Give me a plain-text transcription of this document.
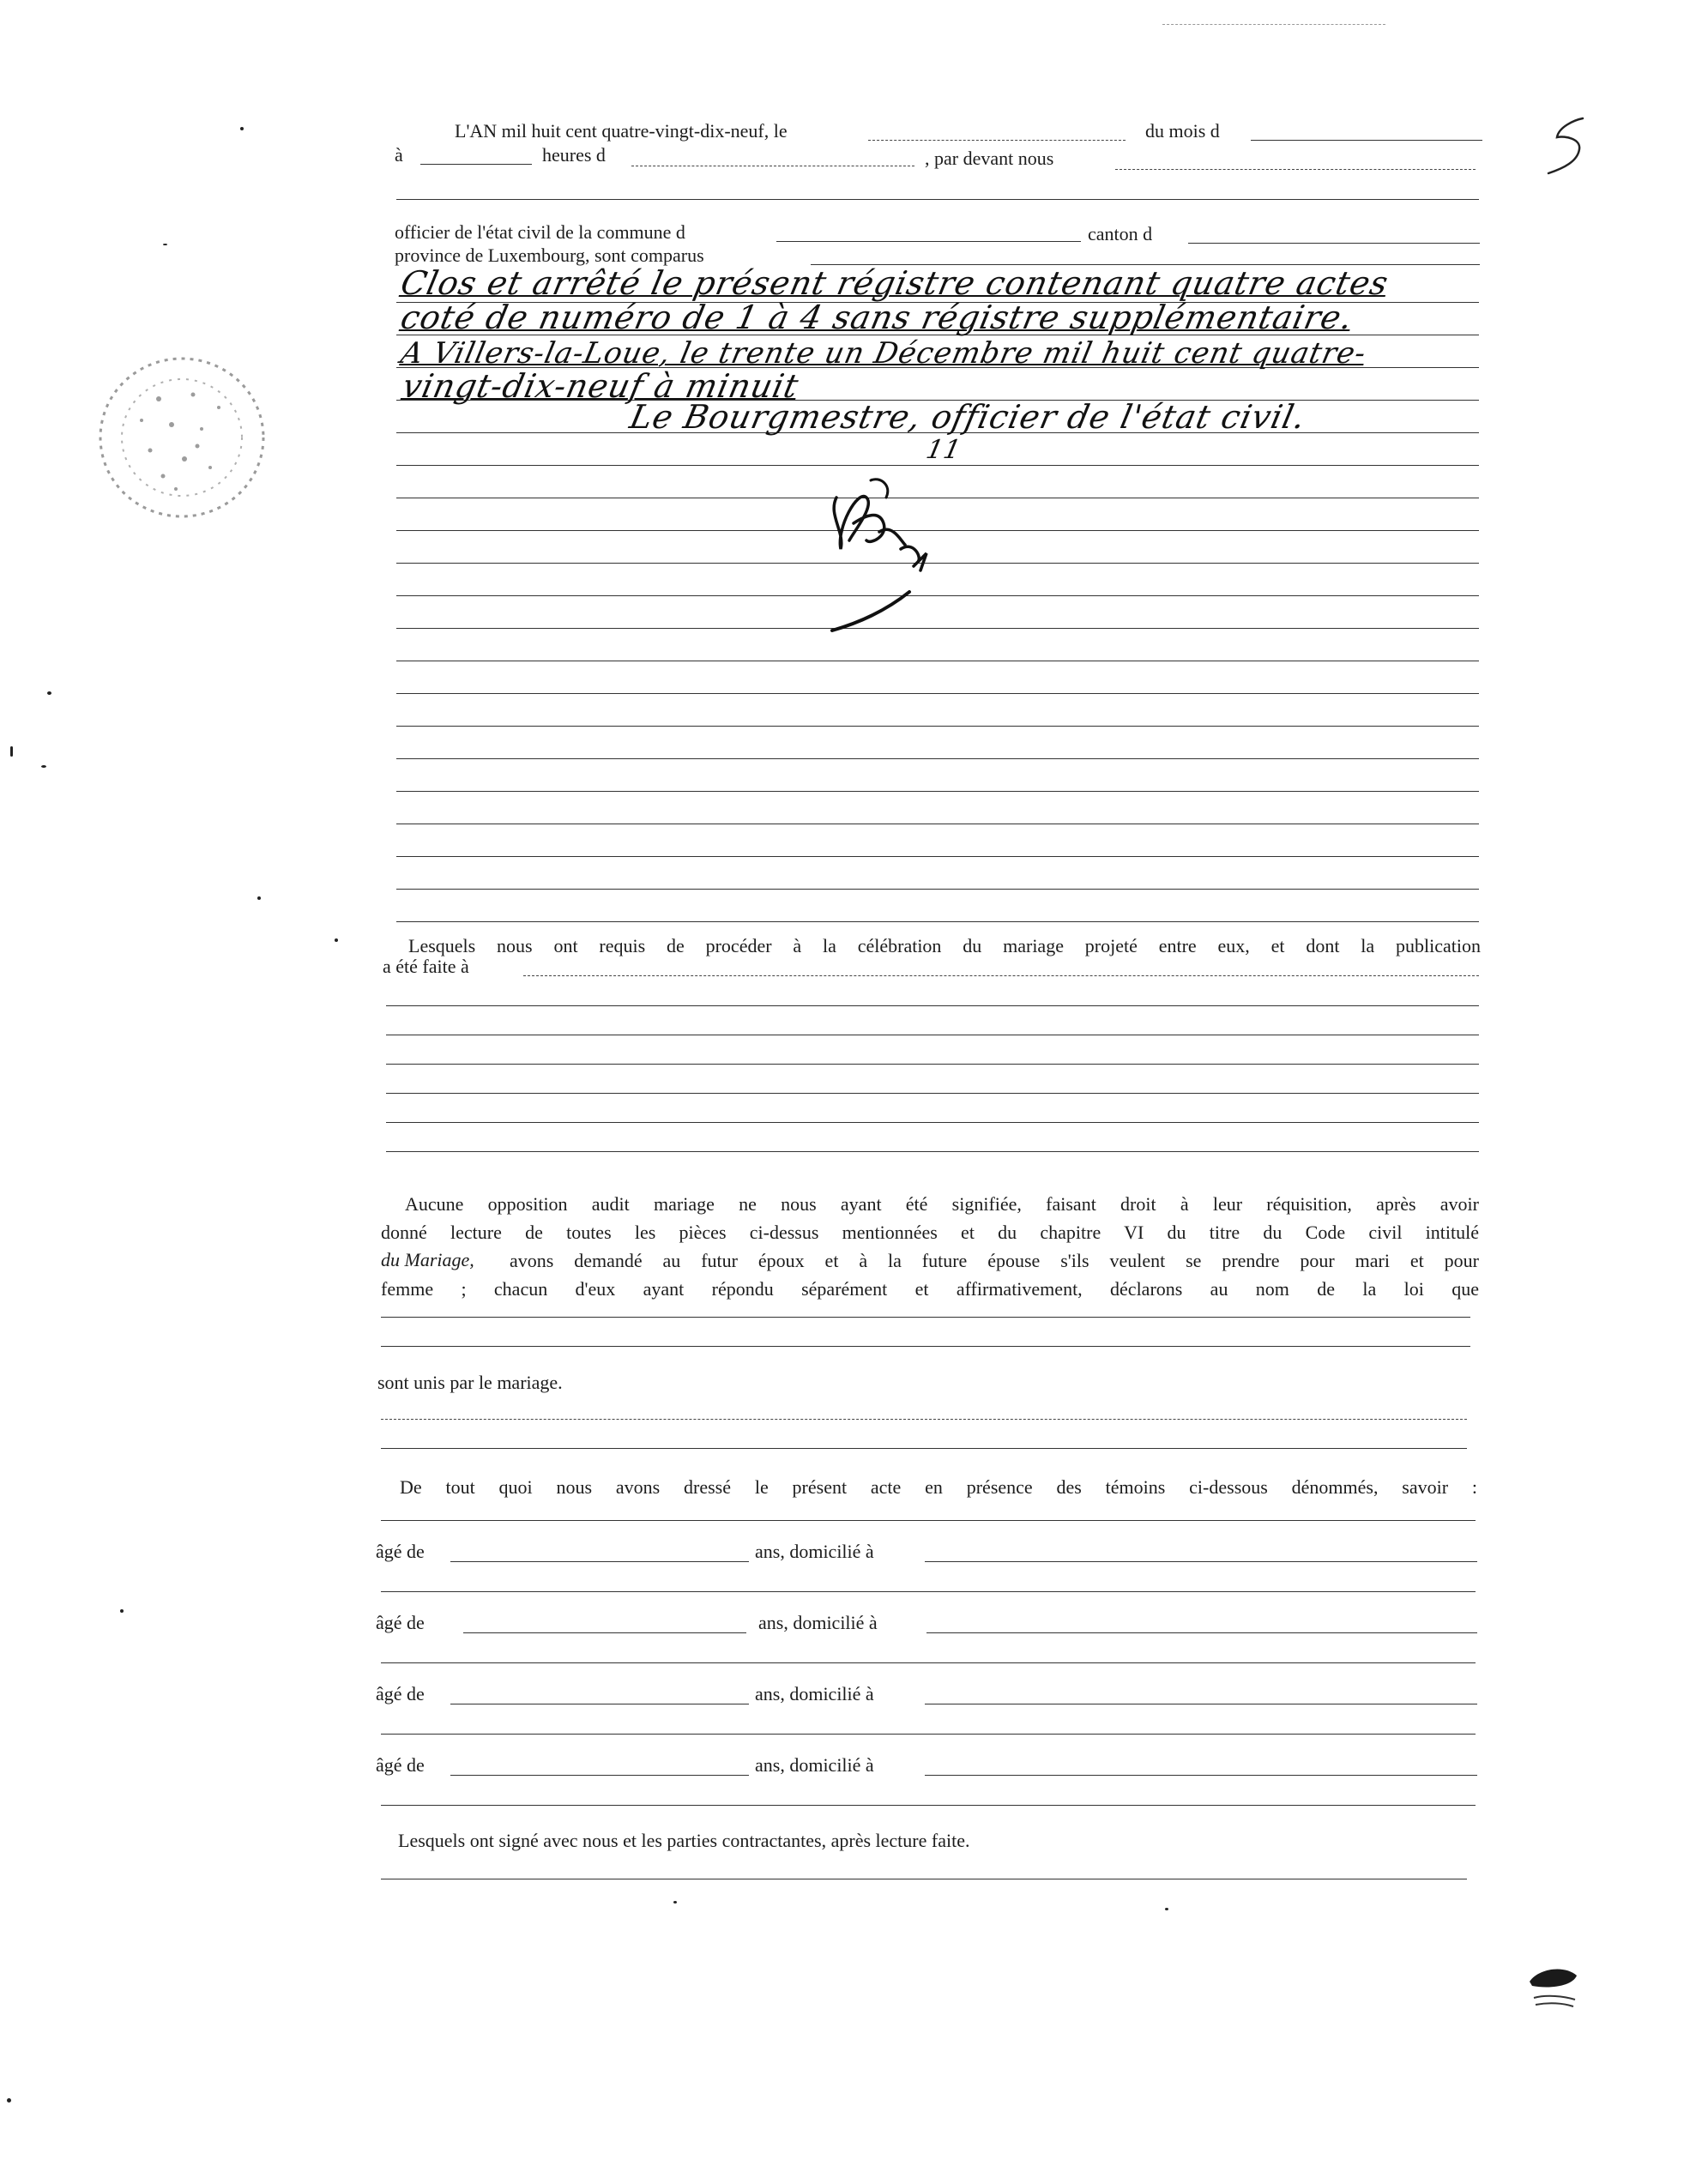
L'AN mil huit cent quatre-vingt-dix-neuf, le	du mois d
à	heures d	, par devant nous
officier de l'état civil de la commune d	canton d
province de Luxembourg, sont comparus
Clos et arrêté le présent régistre contenant quatre actes
coté de numéro de 1 à 4 sans régistre supplémentaire.
A Villers-la-Loue, le trente un Décembre mil huit cent quatre-
vingt-dix-neuf à minuit
Le Bourgmestre, officier de l'état civil.
11
Lesquels nous ont requis de procéder à la célébration du mariage projeté entre eux, et dont la publication
a été faite à
Aucune opposition audit mariage ne nous ayant été signifiée, faisant droit à leur réquisition, après avoir
donné lecture de toutes les pièces ci-dessus mentionnées et du chapitre VI du titre du Code civil intitulé
du Mariage, avons demandé au futur époux et à la future épouse s'ils veulent se prendre pour mari et pour
femme ; chacun d'eux ayant répondu séparément et affirmativement, déclarons au nom de la loi que
sont unis par le mariage.
De tout quoi nous avons dressé le présent acte en présence des témoins ci-dessous dénommés, savoir :
âgé de	ans, domicilié à
âgé de	ans, domicilié à
âgé de	ans, domicilié à
âgé de	ans, domicilié à
Lesquels ont signé avec nous et les parties contractantes, après lecture faite.
